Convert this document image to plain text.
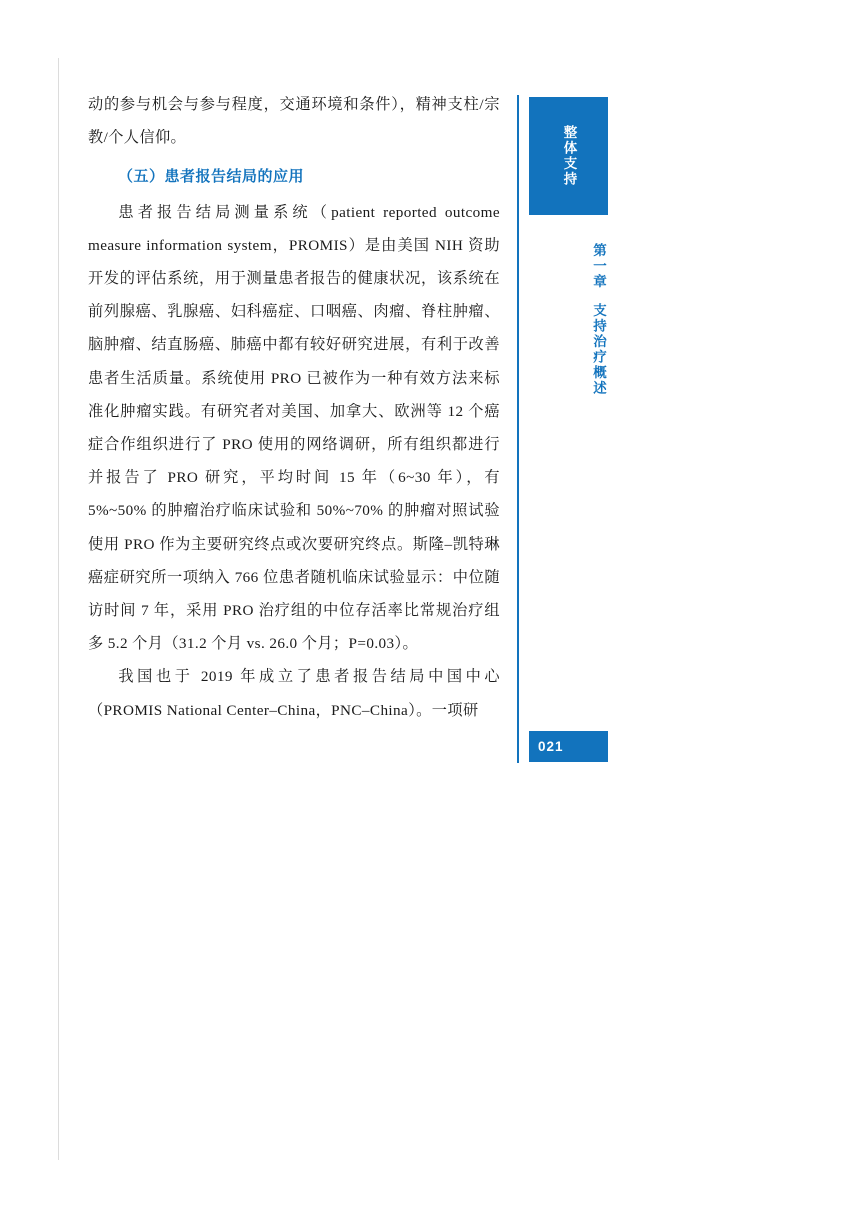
动的参与机会与参与程度，交通环境和条件），精神支柱/宗教/个人信仰。

（五）患者报告结局的应用

患者报告结局测量系统（patient reported outcome measure information system，PROMIS）是由美国 NIH 资助开发的评估系统，用于测量患者报告的健康状况，该系统在前列腺癌、乳腺癌、妇科癌症、口咽癌、肉瘤、脊柱肿瘤、脑肿瘤、结直肠癌、肺癌中都有较好研究进展，有利于改善患者生活质量。系统使用 PRO 已被作为一种有效方法来标准化肿瘤实践。有研究者对美国、加拿大、欧洲等 12 个癌症合作组织进行了 PRO 使用的网络调研，所有组织都进行并报告了 PRO 研究，平均时间 15 年（6~30 年），有 5%~50% 的肿瘤治疗临床试验和 50%~70% 的肿瘤对照试验使用 PRO 作为主要研究终点或次要研究终点。斯隆–凯特琳癌症研究所一项纳入 766 位患者随机临床试验显示：中位随访时间 7 年，采用 PRO 治疗组的中位存活率比常规治疗组多 5.2 个月（31.2 个月 vs. 26.0 个月；P=0.03）。

我国也于 2019 年成立了患者报告结局中国中心（PROMIS National Center–China，PNC–China）。一项研

整体支持
第一章
支持治疗概述
021
